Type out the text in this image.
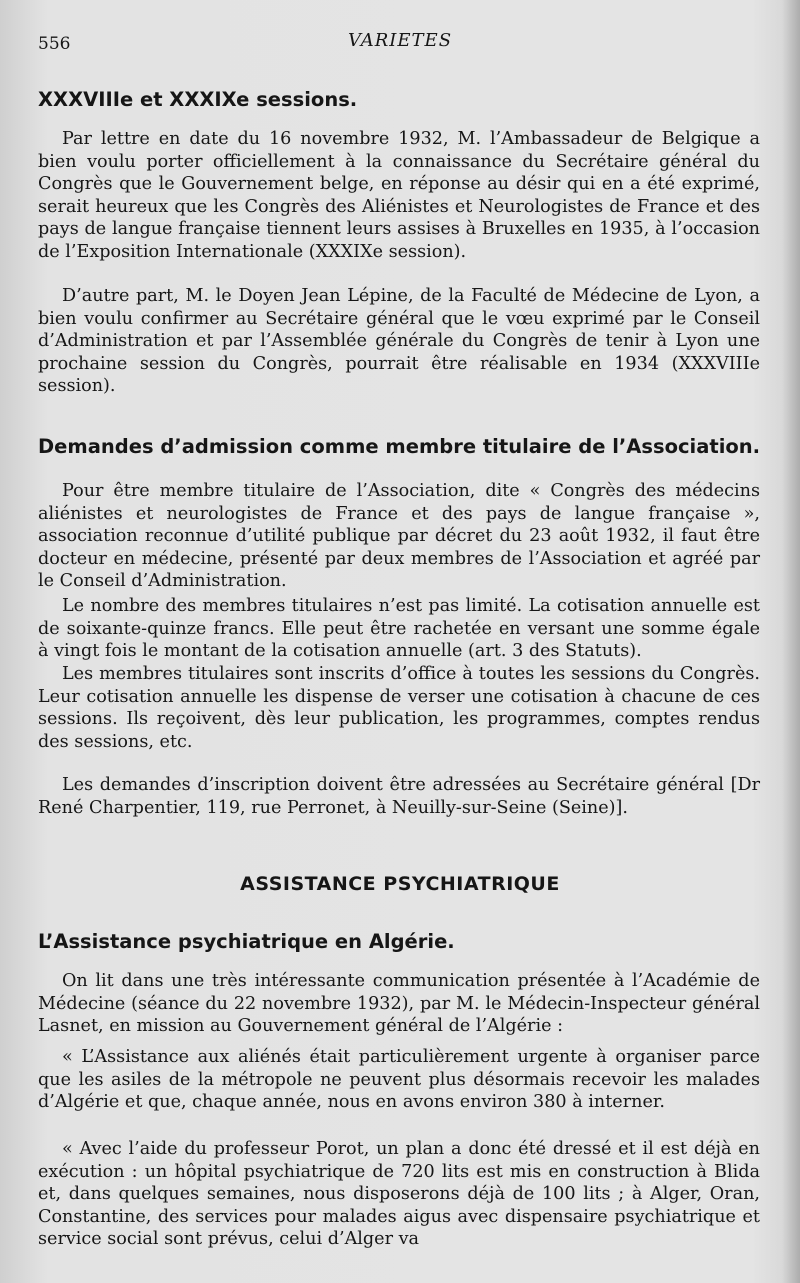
556	VARIETES
XXXVIIIe et XXXIXe sessions.

Par lettre en date du 16 novembre 1932, M. l’Ambassadeur de Belgique a bien voulu porter officiellement à la connaissance du Secrétaire général du Congrès que le Gouvernement belge, en réponse au désir qui en a été exprimé, serait heureux que les Congrès des Aliénistes et Neurologistes de France et des pays de langue française tiennent leurs assises à Bruxelles en 1935, à l’occasion de l’Exposition Internationale (XXXIXe session).

D’autre part, M. le Doyen Jean Lépine, de la Faculté de Médecine de Lyon, a bien voulu confirmer au Secrétaire général que le vœu exprimé par le Conseil d’Administration et par l’Assemblée générale du Congrès de tenir à Lyon une prochaine session du Congrès, pourrait être réalisable en 1934 (XXXVIIIe session).

Demandes d’admission comme membre titulaire de l’Association.

Pour être membre titulaire de l’Association, dite « Congrès des médecins aliénistes et neurologistes de France et des pays de langue française », association reconnue d’utilité publique par décret du 23 août 1932, il faut être docteur en médecine, présenté par deux membres de l’Association et agréé par le Conseil d’Administration.

Le nombre des membres titulaires n’est pas limité. La cotisation annuelle est de soixante-quinze francs. Elle peut être rachetée en versant une somme égale à vingt fois le montant de la cotisation annuelle (art. 3 des Statuts).

Les membres titulaires sont inscrits d’office à toutes les sessions du Congrès. Leur cotisation annuelle les dispense de verser une cotisation à chacune de ces sessions. Ils reçoivent, dès leur publication, les programmes, comptes rendus des sessions, etc.

Les demandes d’inscription doivent être adressées au Secrétaire général [Dr René Charpentier, 119, rue Perronet, à Neuilly-sur-Seine (Seine)].

ASSISTANCE PSYCHIATRIQUE
L’Assistance psychiatrique en Algérie.

On lit dans une très intéressante communication présentée à l’Académie de Médecine (séance du 22 novembre 1932), par M. le Médecin-Inspecteur général Lasnet, en mission au Gouvernement général de l’Algérie :

« L’Assistance aux aliénés était particulièrement urgente à organiser parce que les asiles de la métropole ne peuvent plus désormais recevoir les malades d’Algérie et que, chaque année, nous en avons environ 380 à interner.

« Avec l’aide du professeur Porot, un plan a donc été dressé et il est déjà en exécution : un hôpital psychiatrique de 720 lits est mis en construction à Blida et, dans quelques semaines, nous disposerons déjà de 100 lits ; à Alger, Oran, Constantine, des services pour malades aigus avec dispensaire psychiatrique et service social sont prévus, celui d’Alger va
